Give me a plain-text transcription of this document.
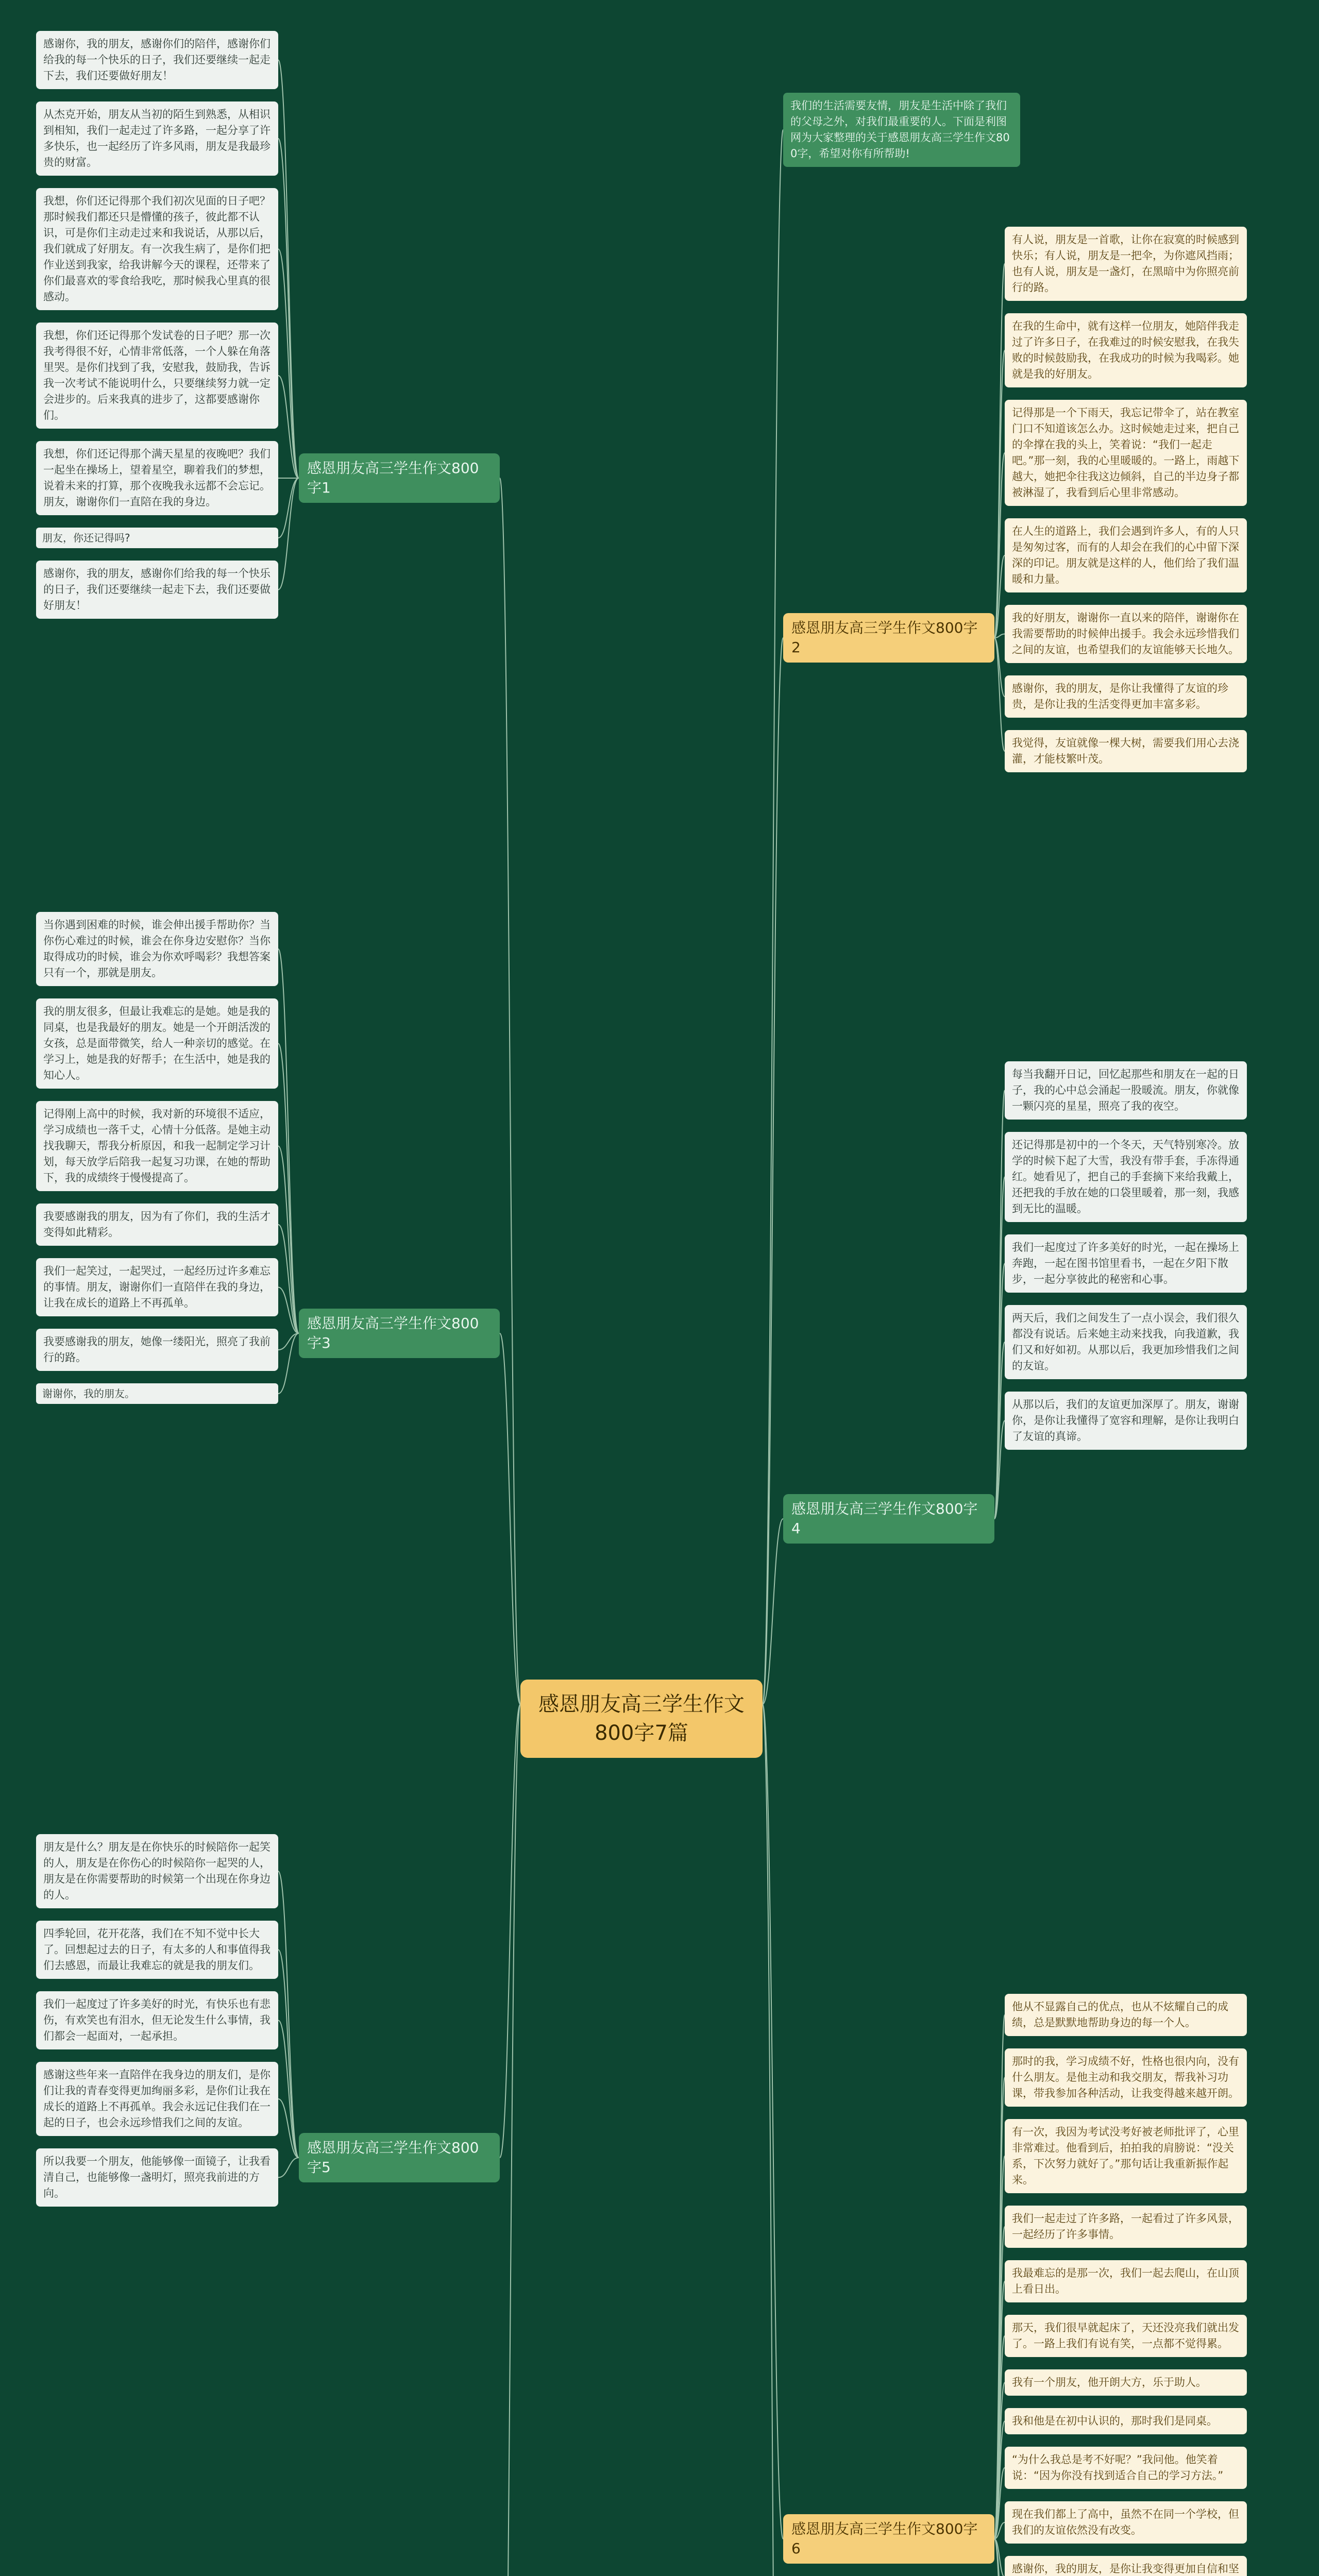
感恩朋友高三学生作文800字7篇
我们的生活需要友情，朋友是生活中除了我们的父母之外，对我们最重要的人。下面是利图网为大家整理的关于感恩朋友高三学生作文800字，希望对你有所帮助!
感恩朋友高三学生作文800字1
感谢你，我的朋友，感谢你们的陪伴，感谢你们给我的每一个快乐的日子，我们还要继续一起走下去，我们还要做好朋友！
从杰克开始，朋友从当初的陌生到熟悉，从相识到相知，我们一起走过了许多路，一起分享了许多快乐，也一起经历了许多风雨，朋友是我最珍贵的财富。
我想，你们还记得那个我们初次见面的日子吧？那时候我们都还只是懵懂的孩子，彼此都不认识，可是你们主动走过来和我说话，从那以后，我们就成了好朋友。有一次我生病了，是你们把作业送到我家，给我讲解今天的课程，还带来了你们最喜欢的零食给我吃，那时候我心里真的很感动。
我想，你们还记得那个发试卷的日子吧？那一次我考得很不好，心情非常低落，一个人躲在角落里哭。是你们找到了我，安慰我，鼓励我，告诉我一次考试不能说明什么，只要继续努力就一定会进步的。后来我真的进步了，这都要感谢你们。
我想，你们还记得那个满天星星的夜晚吧？我们一起坐在操场上，望着星空，聊着我们的梦想，说着未来的打算，那个夜晚我永远都不会忘记。朋友，谢谢你们一直陪在我的身边。
朋友，你还记得吗?
感谢你，我的朋友，感谢你们给我的每一个快乐的日子，我们还要继续一起走下去，我们还要做好朋友！
感恩朋友高三学生作文800字2
有人说，朋友是一首歌，让你在寂寞的时候感到快乐；有人说，朋友是一把伞，为你遮风挡雨；也有人说，朋友是一盏灯，在黑暗中为你照亮前行的路。
在我的生命中，就有这样一位朋友，她陪伴我走过了许多日子，在我难过的时候安慰我，在我失败的时候鼓励我，在我成功的时候为我喝彩。她就是我的好朋友。
记得那是一个下雨天，我忘记带伞了，站在教室门口不知道该怎么办。这时候她走过来，把自己的伞撑在我的头上，笑着说：“我们一起走吧。”那一刻，我的心里暖暖的。一路上，雨越下越大，她把伞往我这边倾斜，自己的半边身子都被淋湿了，我看到后心里非常感动。
在人生的道路上，我们会遇到许多人，有的人只是匆匆过客，而有的人却会在我们的心中留下深深的印记。朋友就是这样的人，他们给了我们温暖和力量。
我的好朋友，谢谢你一直以来的陪伴，谢谢你在我需要帮助的时候伸出援手。我会永远珍惜我们之间的友谊，也希望我们的友谊能够天长地久。
感谢你，我的朋友，是你让我懂得了友谊的珍贵，是你让我的生活变得更加丰富多彩。
我觉得，友谊就像一棵大树，需要我们用心去浇灌，才能枝繁叶茂。
感恩朋友高三学生作文800字3
当你遇到困难的时候，谁会伸出援手帮助你？当你伤心难过的时候，谁会在你身边安慰你？当你取得成功的时候，谁会为你欢呼喝彩？我想答案只有一个，那就是朋友。
我的朋友很多，但最让我难忘的是她。她是我的同桌，也是我最好的朋友。她是一个开朗活泼的女孩，总是面带微笑，给人一种亲切的感觉。在学习上，她是我的好帮手；在生活中，她是我的知心人。
记得刚上高中的时候，我对新的环境很不适应，学习成绩也一落千丈，心情十分低落。是她主动找我聊天，帮我分析原因，和我一起制定学习计划，每天放学后陪我一起复习功课，在她的帮助下，我的成绩终于慢慢提高了。
我要感谢我的朋友，因为有了你们，我的生活才变得如此精彩。
我们一起笑过，一起哭过，一起经历过许多难忘的事情。朋友，谢谢你们一直陪伴在我的身边，让我在成长的道路上不再孤单。
我要感谢我的朋友，她像一缕阳光，照亮了我前行的路。
谢谢你，我的朋友。
感恩朋友高三学生作文800字4
每当我翻开日记，回忆起那些和朋友在一起的日子，我的心中总会涌起一股暖流。朋友，你就像一颗闪亮的星星，照亮了我的夜空。
还记得那是初中的一个冬天，天气特别寒冷。放学的时候下起了大雪，我没有带手套，手冻得通红。她看见了，把自己的手套摘下来给我戴上，还把我的手放在她的口袋里暖着，那一刻，我感到无比的温暖。
我们一起度过了许多美好的时光，一起在操场上奔跑，一起在图书馆里看书，一起在夕阳下散步，一起分享彼此的秘密和心事。
两天后，我们之间发生了一点小误会，我们很久都没有说话。后来她主动来找我，向我道歉，我们又和好如初。从那以后，我更加珍惜我们之间的友谊。
从那以后，我们的友谊更加深厚了。朋友，谢谢你，是你让我懂得了宽容和理解，是你让我明白了友谊的真谛。
感恩朋友高三学生作文800字5
朋友是什么？朋友是在你快乐的时候陪你一起笑的人，朋友是在你伤心的时候陪你一起哭的人，朋友是在你需要帮助的时候第一个出现在你身边的人。
四季轮回，花开花落，我们在不知不觉中长大了。回想起过去的日子，有太多的人和事值得我们去感恩，而最让我难忘的就是我的朋友们。
我们一起度过了许多美好的时光，有快乐也有悲伤，有欢笑也有泪水，但无论发生什么事情，我们都会一起面对，一起承担。
感谢这些年来一直陪伴在我身边的朋友们，是你们让我的青春变得更加绚丽多彩，是你们让我在成长的道路上不再孤单。我会永远记住我们在一起的日子，也会永远珍惜我们之间的友谊。
所以我要一个朋友，他能够像一面镜子，让我看清自己，也能够像一盏明灯，照亮我前进的方向。
感恩朋友高三学生作文800字6
他从不显露自己的优点，也从不炫耀自己的成绩，总是默默地帮助身边的每一个人。
那时的我，学习成绩不好，性格也很内向，没有什么朋友。是他主动和我交朋友，帮我补习功课，带我参加各种活动，让我变得越来越开朗。
有一次，我因为考试没考好被老师批评了，心里非常难过。他看到后，拍拍我的肩膀说：“没关系，下次努力就好了。”那句话让我重新振作起来。
我们一起走过了许多路，一起看过了许多风景，一起经历了许多事情。
我最难忘的是那一次，我们一起去爬山，在山顶上看日出。
那天，我们很早就起床了，天还没亮我们就出发了。一路上我们有说有笑，一点都不觉得累。
我有一个朋友，他开朗大方，乐于助人。
我和他是在初中认识的，那时我们是同桌。
“为什么我总是考不好呢？”我问他。他笑着说：“因为你没有找到适合自己的学习方法。”
现在我们都上了高中，虽然不在同一个学校，但我们的友谊依然没有改变。
感谢你，我的朋友，是你让我变得更加自信和坚
